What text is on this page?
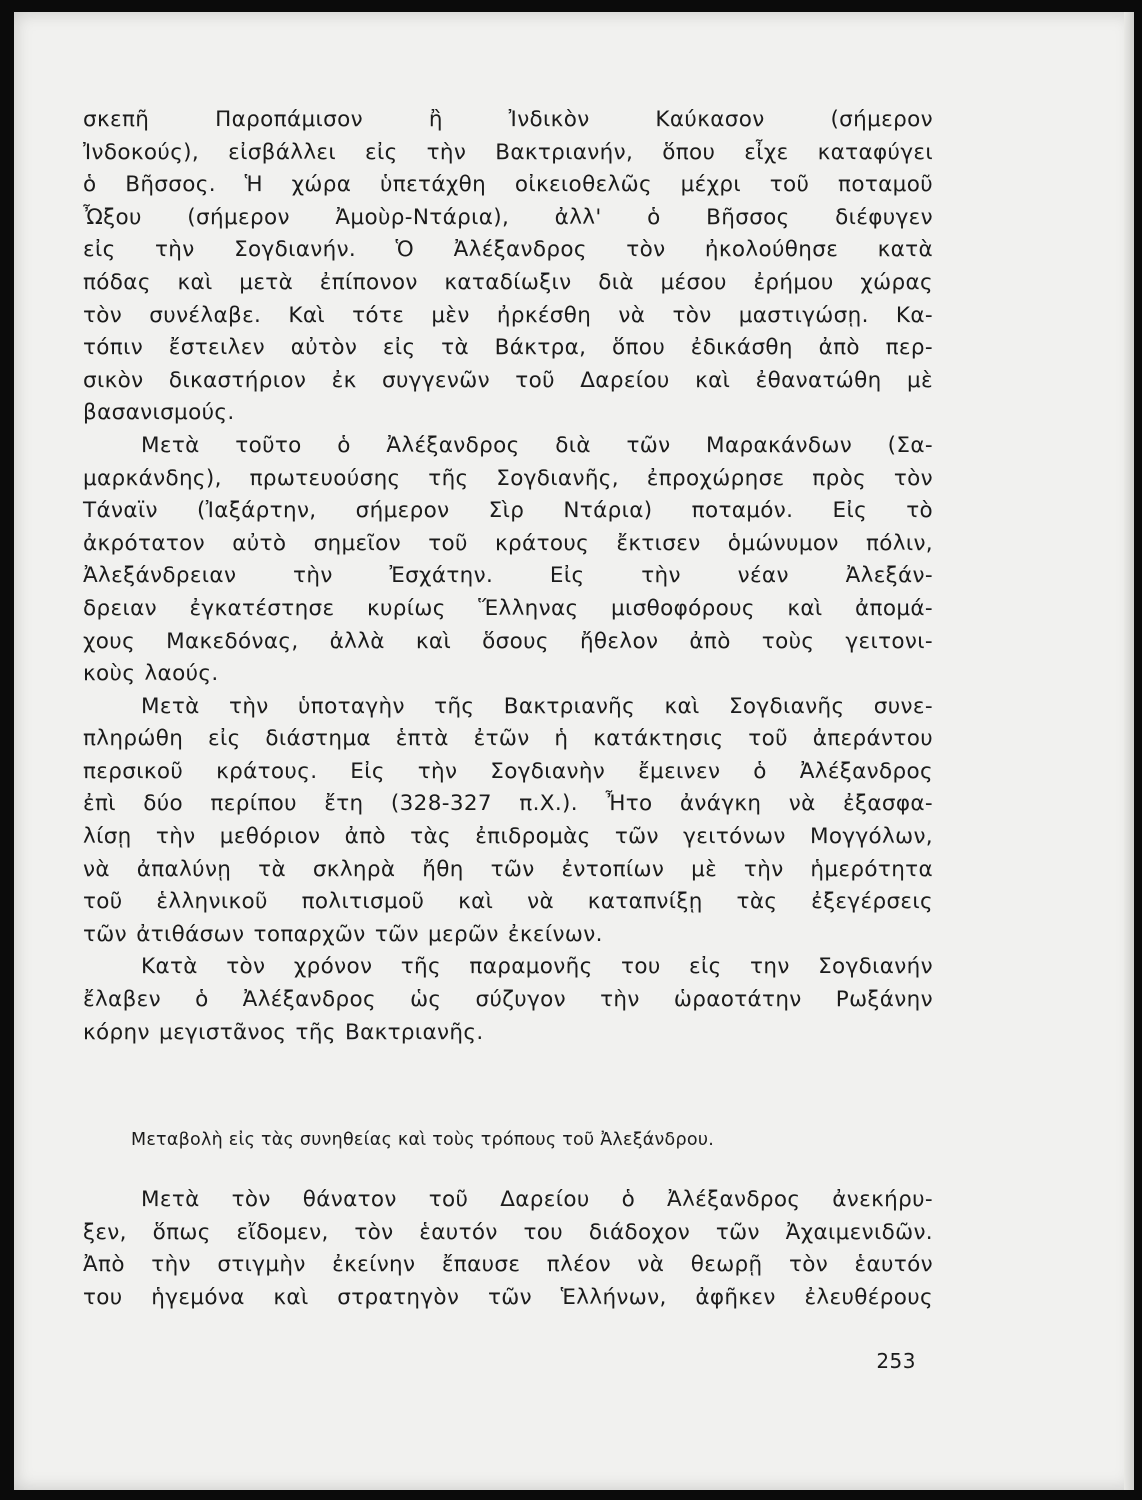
σκεπῆ Παροπάμισον ἢ Ἰνδικὸν Καύκασον (σήμερον
Ἰνδοκούς), εἰσβάλλει εἰς τὴν Βακτριανήν, ὅπου εἶχε καταφύγει
ὁ Βῆσσος. Ἡ χώρα ὑπετάχθη οἰκειοθελῶς μέχρι τοῦ ποταμοῦ
Ὦξου (σήμερον Ἀμοὺρ-Ντάρια), ἀλλ' ὁ Βῆσσος διέφυγεν
εἰς τὴν Σογδιανήν. Ὁ Ἀλέξανδρος τὸν ἠκολούθησε κατὰ
πόδας καὶ μετὰ ἐπίπονον καταδίωξιν διὰ μέσου ἐρήμου χώρας
τὸν συνέλαβε. Καὶ τότε μὲν ἠρκέσθη νὰ τὸν μαστιγώσῃ. Κα-
τόπιν ἔστειλεν αὐτὸν εἰς τὰ Βάκτρα, ὅπου ἐδικάσθη ἀπὸ περ-
σικὸν δικαστήριον ἐκ συγγενῶν τοῦ Δαρείου καὶ ἐθανατώθη μὲ
βασανισμούς.
Μετὰ τοῦτο ὁ Ἀλέξανδρος διὰ τῶν Μαρακάνδων (Σα-
μαρκάνδης), πρωτευούσης τῆς Σογδιανῆς, ἐπροχώρησε πρὸς τὸν
Τάναϊν (Ἰαξάρτην, σήμερον Σὶρ Ντάρια) ποταμόν. Εἰς τὸ
ἀκρότατον αὐτὸ σημεῖον τοῦ κράτους ἔκτισεν ὁμώνυμον πόλιν,
Ἀλεξάνδρειαν τὴν Ἐσχάτην. Εἰς τὴν νέαν Ἀλεξάν-
δρειαν ἐγκατέστησε κυρίως Ἕλληνας μισθοφόρους καὶ ἀπομά-
χους Μακεδόνας, ἀλλὰ καὶ ὅσους ἤθελον ἀπὸ τοὺς γειτονι-
κοὺς λαούς.
Μετὰ τὴν ὑποταγὴν τῆς Βακτριανῆς καὶ Σογδιανῆς συνε-
πληρώθη εἰς διάστημα ἑπτὰ ἐτῶν ἡ κατάκτησις τοῦ ἀπεράντου
περσικοῦ κράτους. Εἰς τὴν Σογδιανὴν ἔμεινεν ὁ Ἀλέξανδρος
ἐπὶ δύο περίπου ἔτη (328-327 π.Χ.). Ἦτο ἀνάγκη νὰ ἐξασφα-
λίσῃ τὴν μεθόριον ἀπὸ τὰς ἐπιδρομὰς τῶν γειτόνων Μογγόλων,
νὰ ἀπαλύνῃ τὰ σκληρὰ ἤθη τῶν ἐντοπίων μὲ τὴν ἡμερότητα
τοῦ ἑλληνικοῦ πολιτισμοῦ καὶ νὰ καταπνίξῃ τὰς ἐξεγέρσεις
τῶν ἀτιθάσων τοπαρχῶν τῶν μερῶν ἐκείνων.
Κατὰ τὸν χρόνον τῆς παραμονῆς του εἰς την Σογδιανήν
ἔλαβεν ὁ Ἀλέξανδρος ὡς σύζυγον τὴν ὡραοτάτην Ρωξάνην
κόρην μεγιστᾶνος τῆς Βακτριανῆς.
Μεταβολὴ εἰς τὰς συνηθείας καὶ τοὺς τρόπους τοῦ Ἀλεξάνδρου.
Μετὰ τὸν θάνατον τοῦ Δαρείου ὁ Ἀλέξανδρος ἀνεκήρυ-
ξεν, ὅπως εἴδομεν, τὸν ἑαυτόν του διάδοχον τῶν Ἀχαιμενιδῶν.
Ἀπὸ τὴν στιγμὴν ἐκείνην ἔπαυσε πλέον νὰ θεωρῇ τὸν ἑαυτόν
του ἡγεμόνα καὶ στρατηγὸν τῶν Ἑλλήνων, ἀφῆκεν ἐλευθέρους
253
